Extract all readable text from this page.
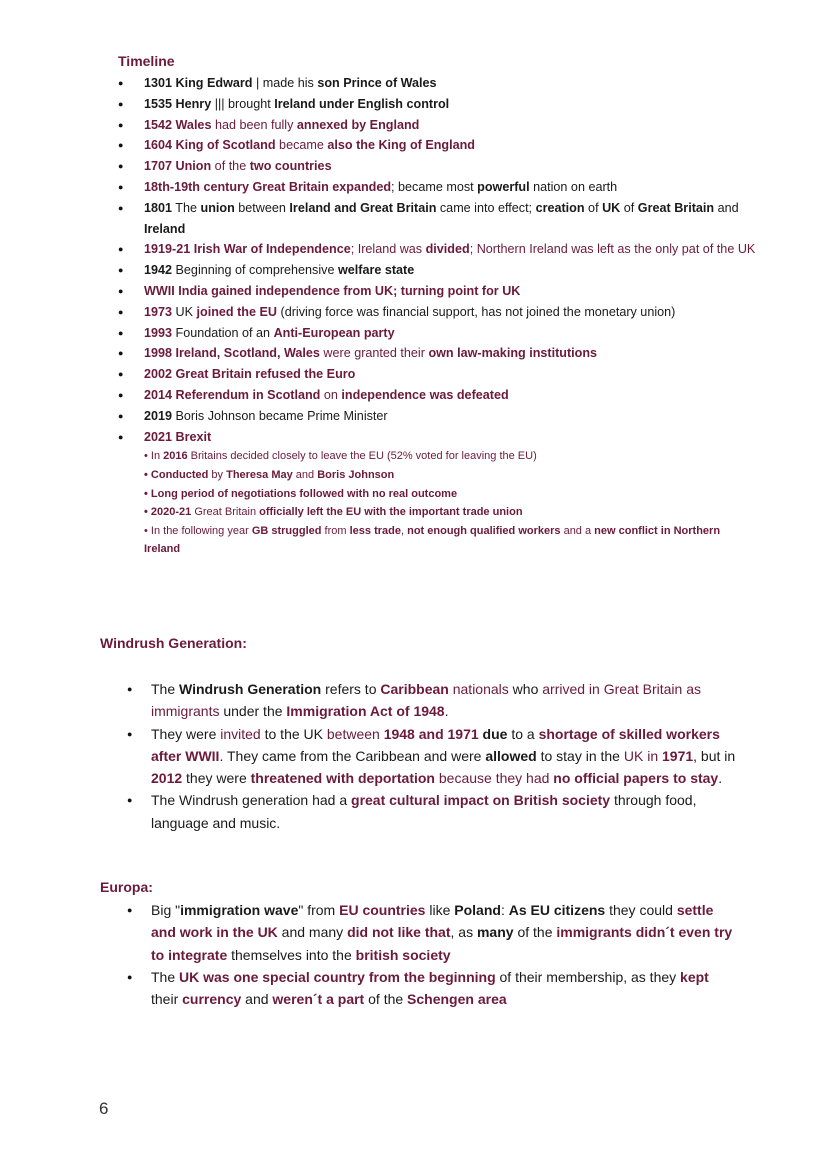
Timeline
● 1301 King Edward | made his son Prince of Wales
● 1535 Henry ||| brought Ireland under English control
● 1542 Wales had been fully annexed by England
● 1604 King of Scotland became also the King of England
● 1707 Union of the two countries
● 18th-19th century Great Britain expanded; became most powerful nation on earth
● 1801 The union between Ireland and Great Britain came into effect; creation of UK of Great Britain and Ireland
● 1919-21 Irish War of Independence; Ireland was divided; Northern Ireland was left as the only pat of the UK
● 1942 Beginning of comprehensive welfare state
● WWII India gained independence from UK; turning point for UK
● 1973 UK joined the EU (driving force was financial support, has not joined the monetary union)
● 1993 Foundation of an Anti-European party
● 1998 Ireland, Scotland, Wales were granted their own law-making institutions
● 2002 Great Britain refused the Euro
● 2014 Referendum in Scotland on independence was defeated
● 2019 Boris Johnson became Prime Minister
● 2021 Brexit
• In 2016 Britains decided closely to leave the EU (52% voted for leaving the EU)
• Conducted by Theresa May and Boris Johnson
• Long period of negotiations followed with no real outcome
• 2020-21 Great Britain officially left the EU with the important trade union
• In the following year GB struggled from less trade, not enough qualified workers and a new conflict in Northern Ireland
Windrush Generation:
● The Windrush Generation refers to Caribbean nationals who arrived in Great Britain as immigrants under the Immigration Act of 1948.
● They were invited to the UK between 1948 and 1971 due to a shortage of skilled workers after WWII. They came from the Caribbean and were allowed to stay in the UK in 1971, but in 2012 they were threatened with deportation because they had no official papers to stay.
● The Windrush generation had a great cultural impact on British society through food, language and music.
Europa:
● Big "immigration wave" from EU countries like Poland: As EU citizens they could settle and work in the UK and many did not like that, as many of the immigrants didn´t even try to integrate themselves into the british society
● The UK was one special country from the beginning of their membership, as they kept their currency and weren´t a part of the Schengen area
6
